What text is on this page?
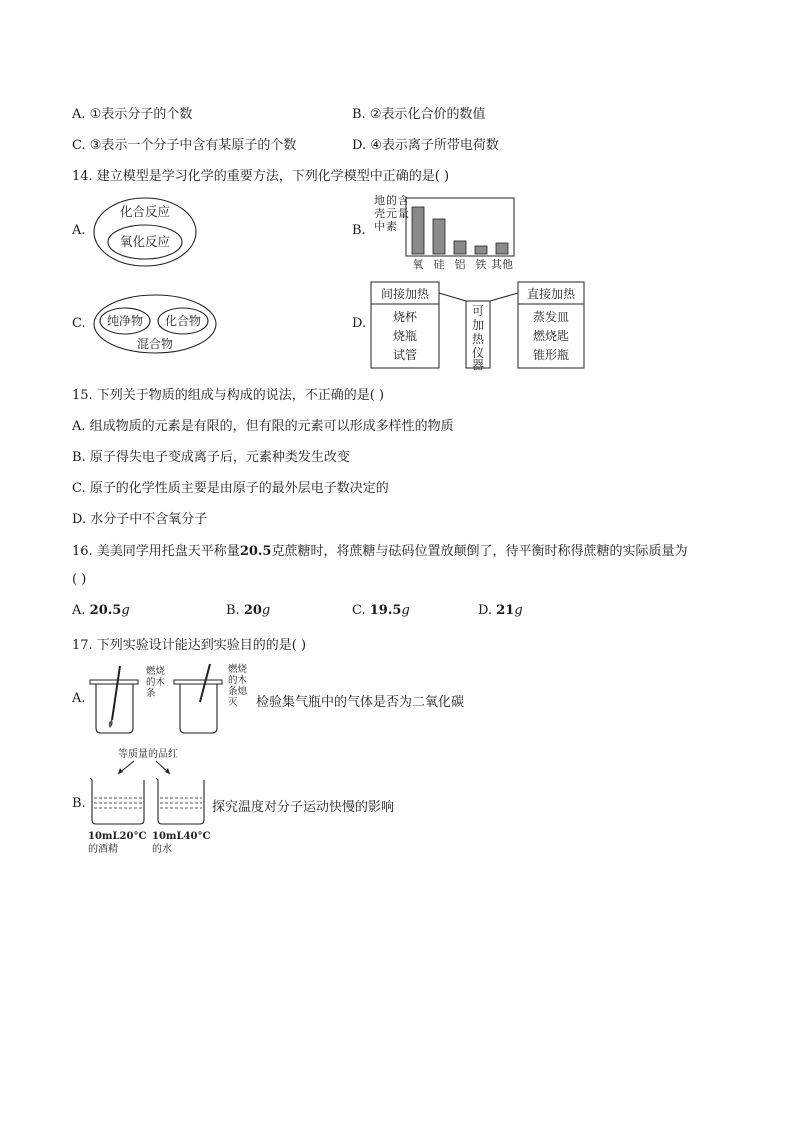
A. ①表示分子的个数	B. ②表示化合价的数值
C. ③表示一个分子中含有某原子的个数	D. ④表示离子所带电荷数
14. 建立模型是学习化学的重要方法，下列化学模型中正确的是( )
A.
化合反应
氧化反应
B.
地壳中的元素含量
氧 硅 铝 铁 其他
C. 纯净物 化合物
混合物
D.
间接加热
烧杯
烧瓶
试管
可
加
热
仪
器
直接加热
蒸发皿
燃烧匙
锥形瓶
15. 下列关于物质的组成与构成的说法，不正确的是( )
A. 组成物质的元素是有限的，但有限的元素可以形成多样性的物质
B. 原子得失电子变成离子后，元素种类发生改变
C. 原子的化学性质主要是由原子的最外层电子数决定的
D. 水分子中不含氧分子
16. 美美同学用托盘天平称量20.5克蔗糖时，将蔗糖与砝码位置放颠倒了，待平衡时称得蔗糖的实际质量为
( )
A. 20.5g	B. 20g	C. 19.5g	D. 21g
17. 下列实验设计能达到实验目的的是( )
A.
燃烧
的木
条
燃烧
的木
条熄
灭 检验集气瓶中的气体是否为二氧化碳
B.
等质量的品红
10mL20°C
的酒精
10mL40°C
的水
探究温度对分子运动快慢的影响
